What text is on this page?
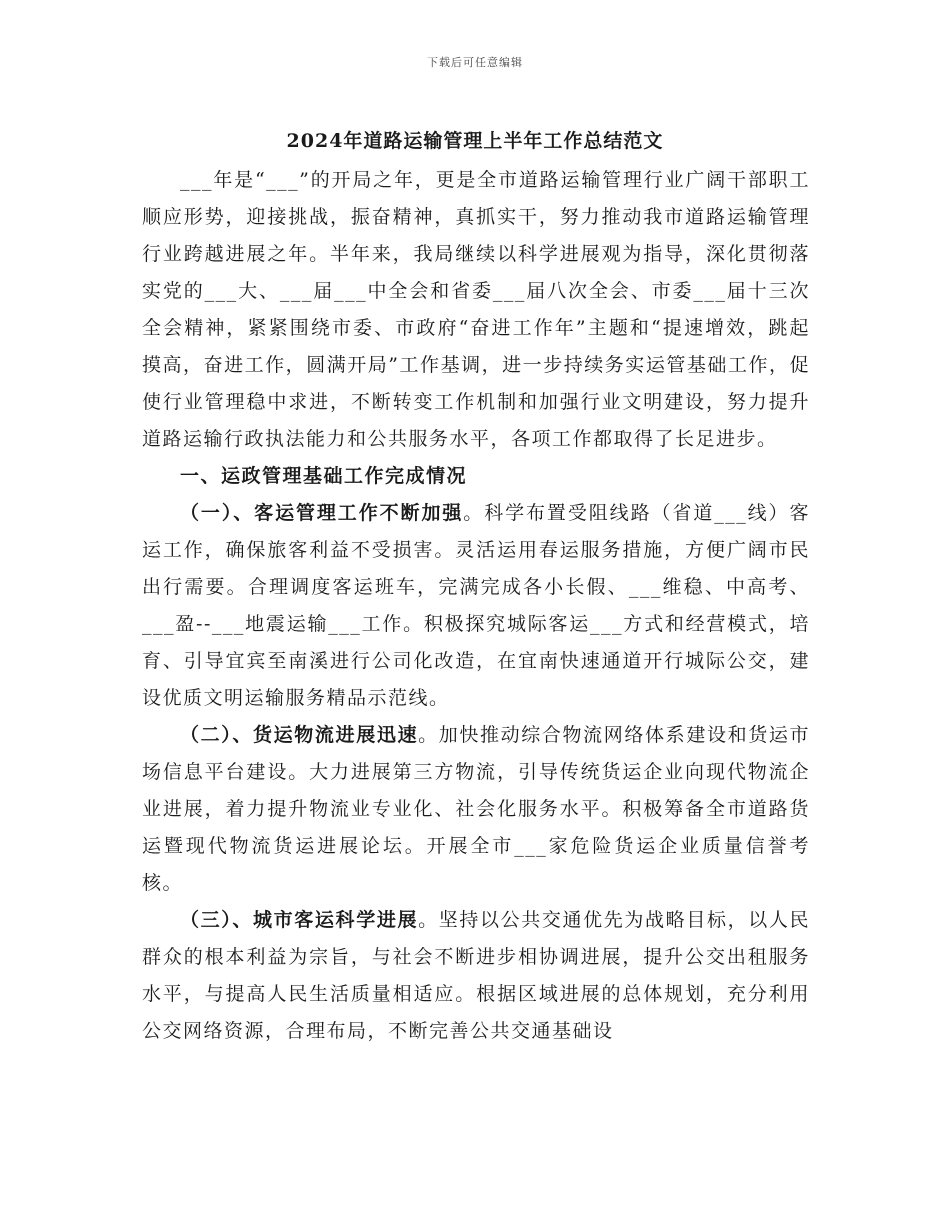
下载后可任意编辑
2024年道路运输管理上半年工作总结范文

___年是“___”的开局之年，更是全市道路运输管理行业广阔干部职工顺应形势，迎接挑战，振奋精神，真抓实干，努力推动我市道路运输管理行业跨越进展之年。半年来，我局继续以科学进展观为指导，深化贯彻落实党的___大、___届___中全会和省委___届八次全会、市委___届十三次全会精神，紧紧围绕市委、市政府“奋进工作年”主题和“提速增效，跳起摸高，奋进工作，圆满开局”工作基调，进一步持续务实运管基础工作，促使行业管理稳中求进，不断转变工作机制和加强行业文明建设，努力提升道路运输行政执法能力和公共服务水平，各项工作都取得了长足进步。

一、运政管理基础工作完成情况

（一）、客运管理工作不断加强。科学布置受阻线路（省道___线）客运工作，确保旅客利益不受损害。灵活运用春运服务措施，方便广阔市民出行需要。合理调度客运班车，完满完成各小长假、___维稳、中高考、___盈--___地震运输___工作。积极探究城际客运___方式和经营模式，培育、引导宜宾至南溪进行公司化改造，在宜南快速通道开行城际公交，建设优质文明运输服务精品示范线。

（二）、货运物流进展迅速。加快推动综合物流网络体系建设和货运市场信息平台建设。大力进展第三方物流，引导传统货运企业向现代物流企业进展，着力提升物流业专业化、社会化服务水平。积极筹备全市道路货运暨现代物流货运进展论坛。开展全市___家危险货运企业质量信誉考核。

（三）、城市客运科学进展。坚持以公共交通优先为战略目标，以人民群众的根本利益为宗旨，与社会不断进步相协调进展，提升公交出租服务水平，与提高人民生活质量相适应。根据区域进展的总体规划，充分利用公交网络资源，合理布局，不断完善公共交通基础设
